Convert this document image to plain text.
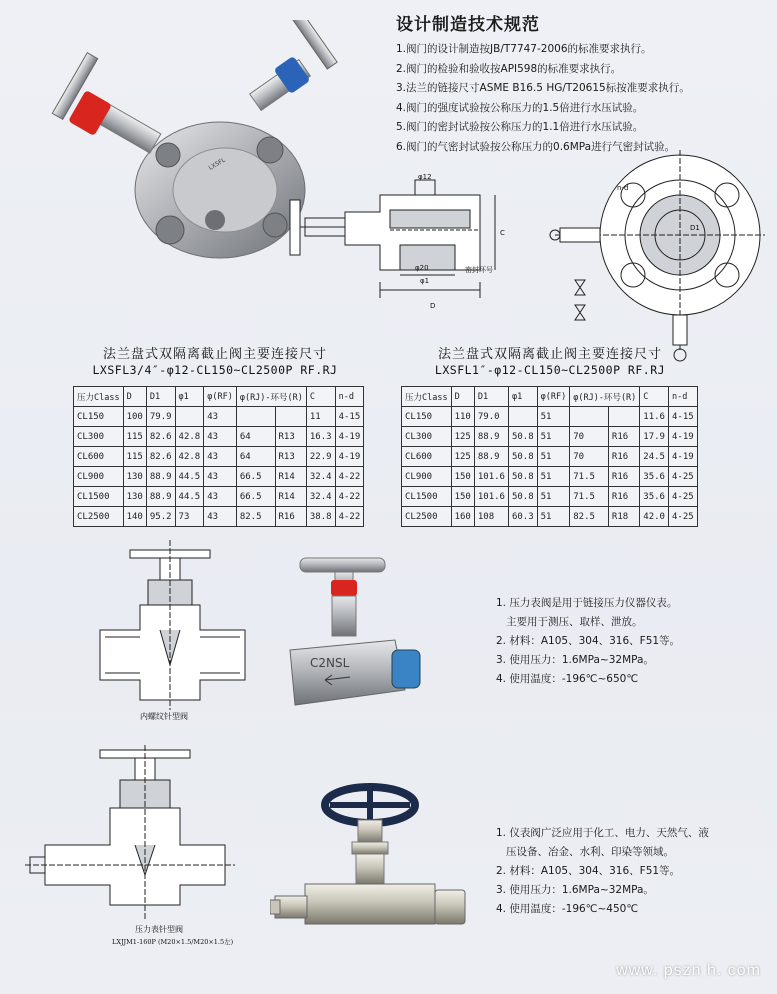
LXSFL
设计制造技术规范
1.阀门的设计制造按JB/T7747-2006的标准要求执行。
2.阀门的检验和验收按API598的标准要求执行。
3.法兰的链接尺寸ASME B16.5 HG/T20615标按准要求执行。
4.阀门的强度试验按公称压力的1.5倍进行水压试验。
5.阀门的密封试验按公称压力的1.1倍进行水压试验。
6.阀门的气密封试验按公称压力的0.6MPa进行气密封试验。
φ12
φ20
φ1
D
C
密封环号
n-d
D1
法兰盘式双隔离截止阀主要连接尺寸
LXSFL3/4″-φ12-CL150~CL2500P RF.RJ
压力Class	D	D1	φ1	φ(RF)	φ(RJ)-环号(R)		C	n-d
CL150	100	79.9		43			11	4-15
CL300	115	82.6	42.8	43	64	R13	16.3	4-19
CL600	115	82.6	42.8	43	64	R13	22.9	4-19
CL900	130	88.9	44.5	43	66.5	R14	32.4	4-22
CL1500	130	88.9	44.5	43	66.5	R14	32.4	4-22
CL2500	140	95.2	73	43	82.5	R16	38.8	4-22
法兰盘式双隔离截止阀主要连接尺寸
LXSFL1″-φ12-CL150~CL2500P RF.RJ
压力Class	D	D1	φ1	φ(RF)	φ(RJ)-环号(R)		C	n-d
CL150	110	79.0		51			11.6	4-15
CL300	125	88.9	50.8	51	70	R16	17.9	4-19
CL600	125	88.9	50.8	51	70	R16	24.5	4-19
CL900	150	101.6	50.8	51	71.5	R16	35.6	4-25
CL1500	150	101.6	50.8	51	71.5	R16	35.6	4-25
CL2500	160	108	60.3	51	82.5	R18	42.0	4-25
内螺纹针型阀
C2NSL
1. 压力表阀是用于链接压力仪器仪表。
主要用于测压、取样、泄放。
2. 材料：A105、304、316、F51等。
3. 使用压力：1.6MPa~32MPa。
4. 使用温度：-196℃~650℃
压力表针型阀
LXJJM1-160P (M20×1.5/M20×1.5左)
1. 仪表阀广泛应用于化工、电力、天然气、液
压设备、冶金、水利、印染等领域。
2. 材料：A105、304、316、F51等。
3. 使用压力：1.6MPa~32MPa。
4. 使用温度：-196℃~450℃
www. pszn h. com
